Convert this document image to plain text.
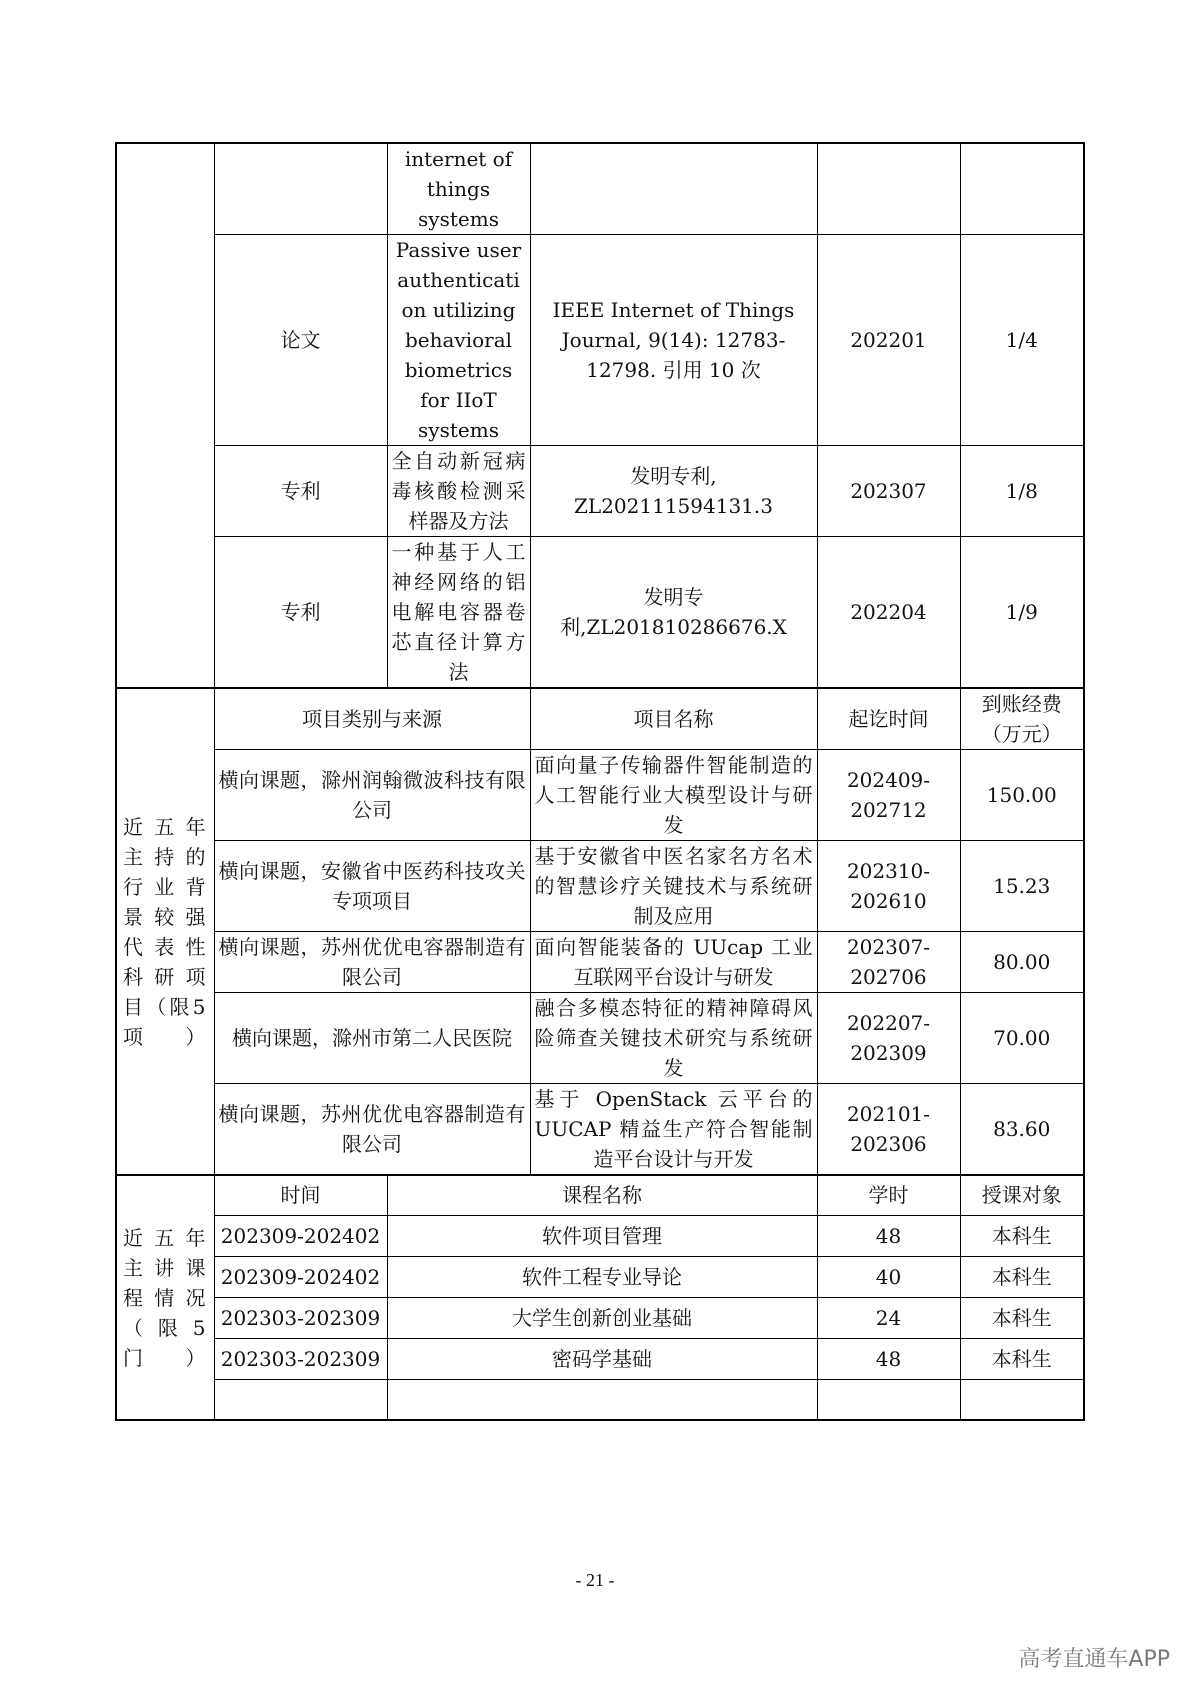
		internet of things systems			
	论文	Passive user authentication utilizing behavioral biometrics for IIoT systems	IEEE Internet of Things Journal, 9(14): 12783-12798. 引用 10 次	202201	1/4
	专利	全自动新冠病毒核酸检测采样器及方法	发明专利, ZL202111594131.3	202307	1/8
	专利	一种基于人工神经网络的铝电解电容器卷芯直径计算方法	发明专利,ZL201810286676.X	202204	1/9
近五年主持的行业背景较强代表性科研项目（限5项）	项目类别与来源		项目名称	起讫时间	到账经费（万元）
	横向课题，滁州润翰微波科技有限公司		面向量子传输器件智能制造的人工智能行业大模型设计与研发	202409-202712	150.00
	横向课题，安徽省中医药科技攻关专项项目		基于安徽省中医名家名方名术的智慧诊疗关键技术与系统研制及应用	202310-202610	15.23
	横向课题，苏州优优电容器制造有限公司		面向智能装备的 UUcap 工业互联网平台设计与研发	202307-202706	80.00
	横向课题，滁州市第二人民医院		融合多模态特征的精神障碍风险筛查关键技术研究与系统研发	202207-202309	70.00
	横向课题，苏州优优电容器制造有限公司		基于 OpenStack 云平台的 UUCAP 精益生产符合智能制造平台设计与开发	202101-202306	83.60
近五年主讲课程情况（限5门）	时间	课程名称		学时	授课对象
	202309-202402	软件项目管理		48	本科生
	202309-202402	软件工程专业导论		40	本科生
	202303-202309	大学生创新创业基础		24	本科生
	202303-202309	密码学基础		48	本科生

- 21 -
高考直通车APP
